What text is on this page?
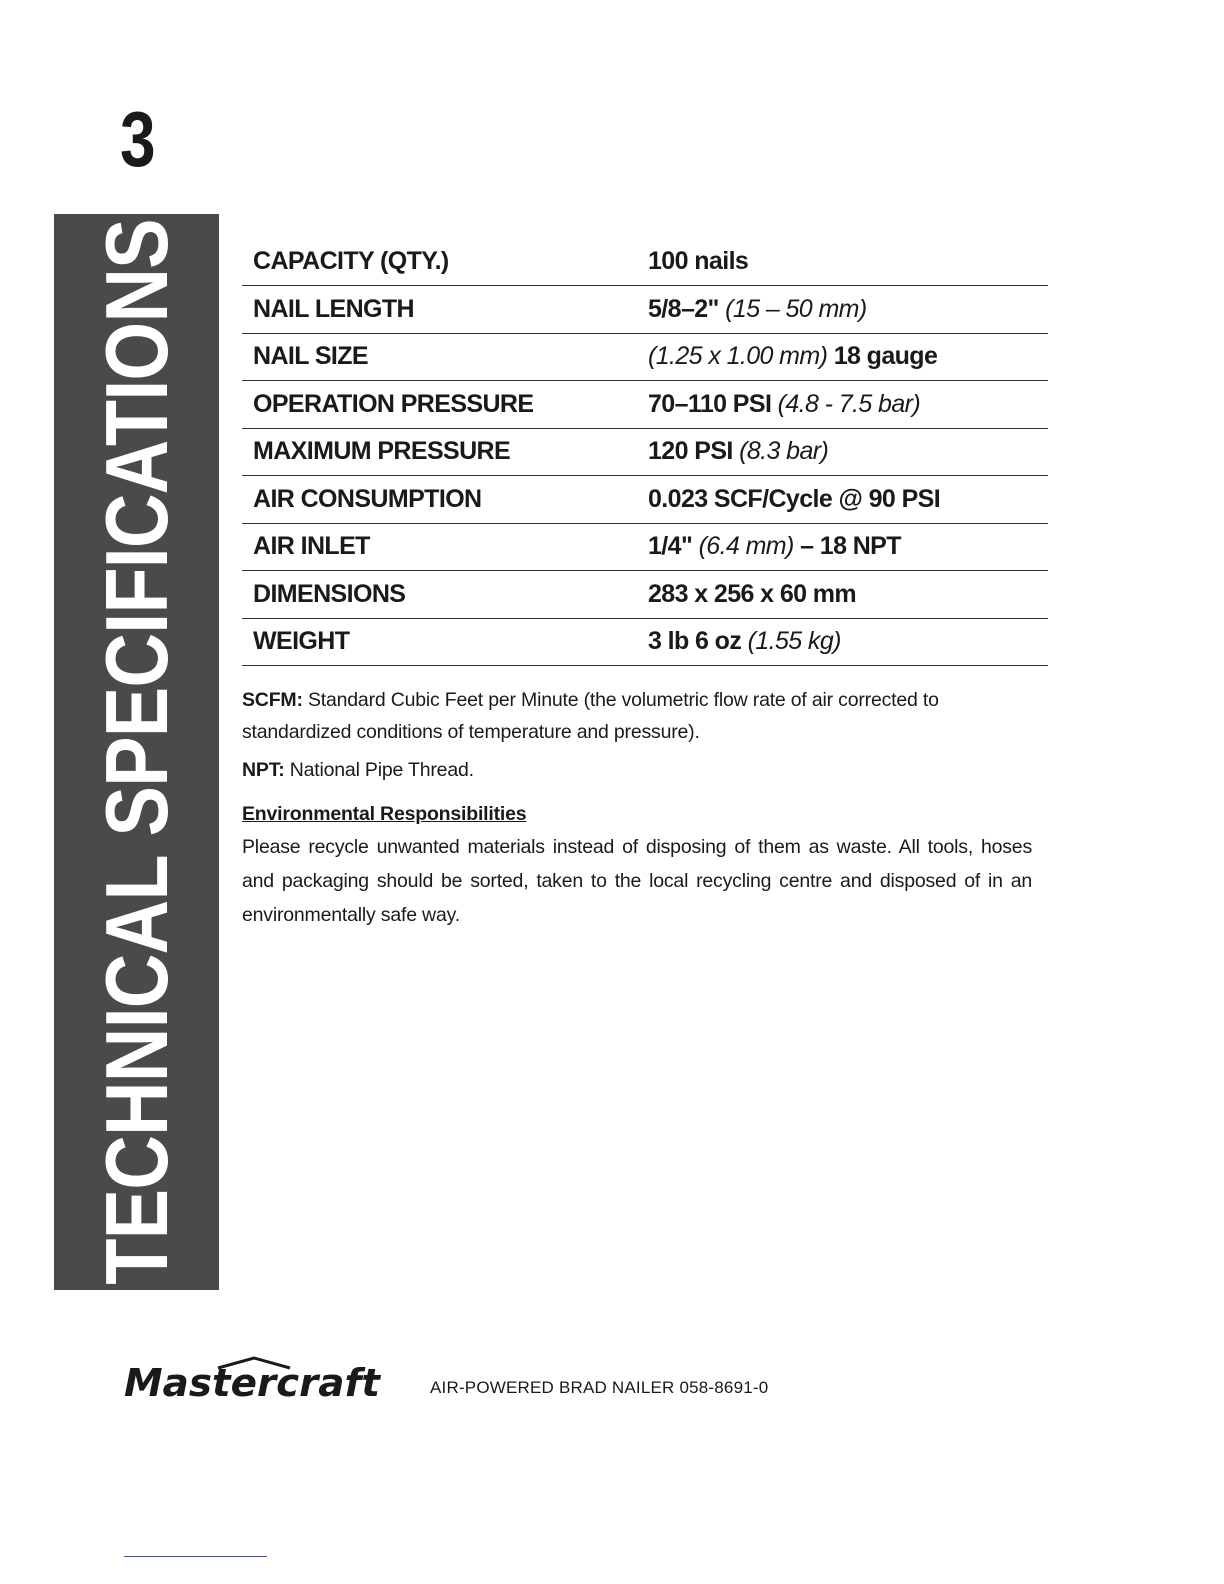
3
TECHNICAL SPECIFICATIONS	CAPACITY (QTY.)	100 nails
NAIL LENGTH	5/8–2" (15 – 50 mm)
NAIL SIZE	(1.25 x 1.00 mm) 18 gauge
OPERATION PRESSURE	70–110 PSI (4.8 - 7.5 bar)
MAXIMUM PRESSURE	120 PSI (8.3 bar)
AIR CONSUMPTION	0.023 SCF/Cycle @ 90 PSI
AIR INLET	1/4" (6.4 mm) – 18 NPT
DIMENSIONS	283 x 256 x 60 mm
WEIGHT	3 lb 6 oz (1.55 kg)

SCFM: Standard Cubic Feet per Minute (the volumetric flow rate of air corrected to standardized conditions of temperature and pressure).

NPT: National Pipe Thread.

Environmental Responsibilities

Please recycle unwanted materials instead of disposing of them as waste. All tools, hoses and packaging should be sorted, taken to the local recycling centre and disposed of in an environmentally safe way.

Mastercraft	AIR-POWERED BRAD NAILER 058-8691-0
